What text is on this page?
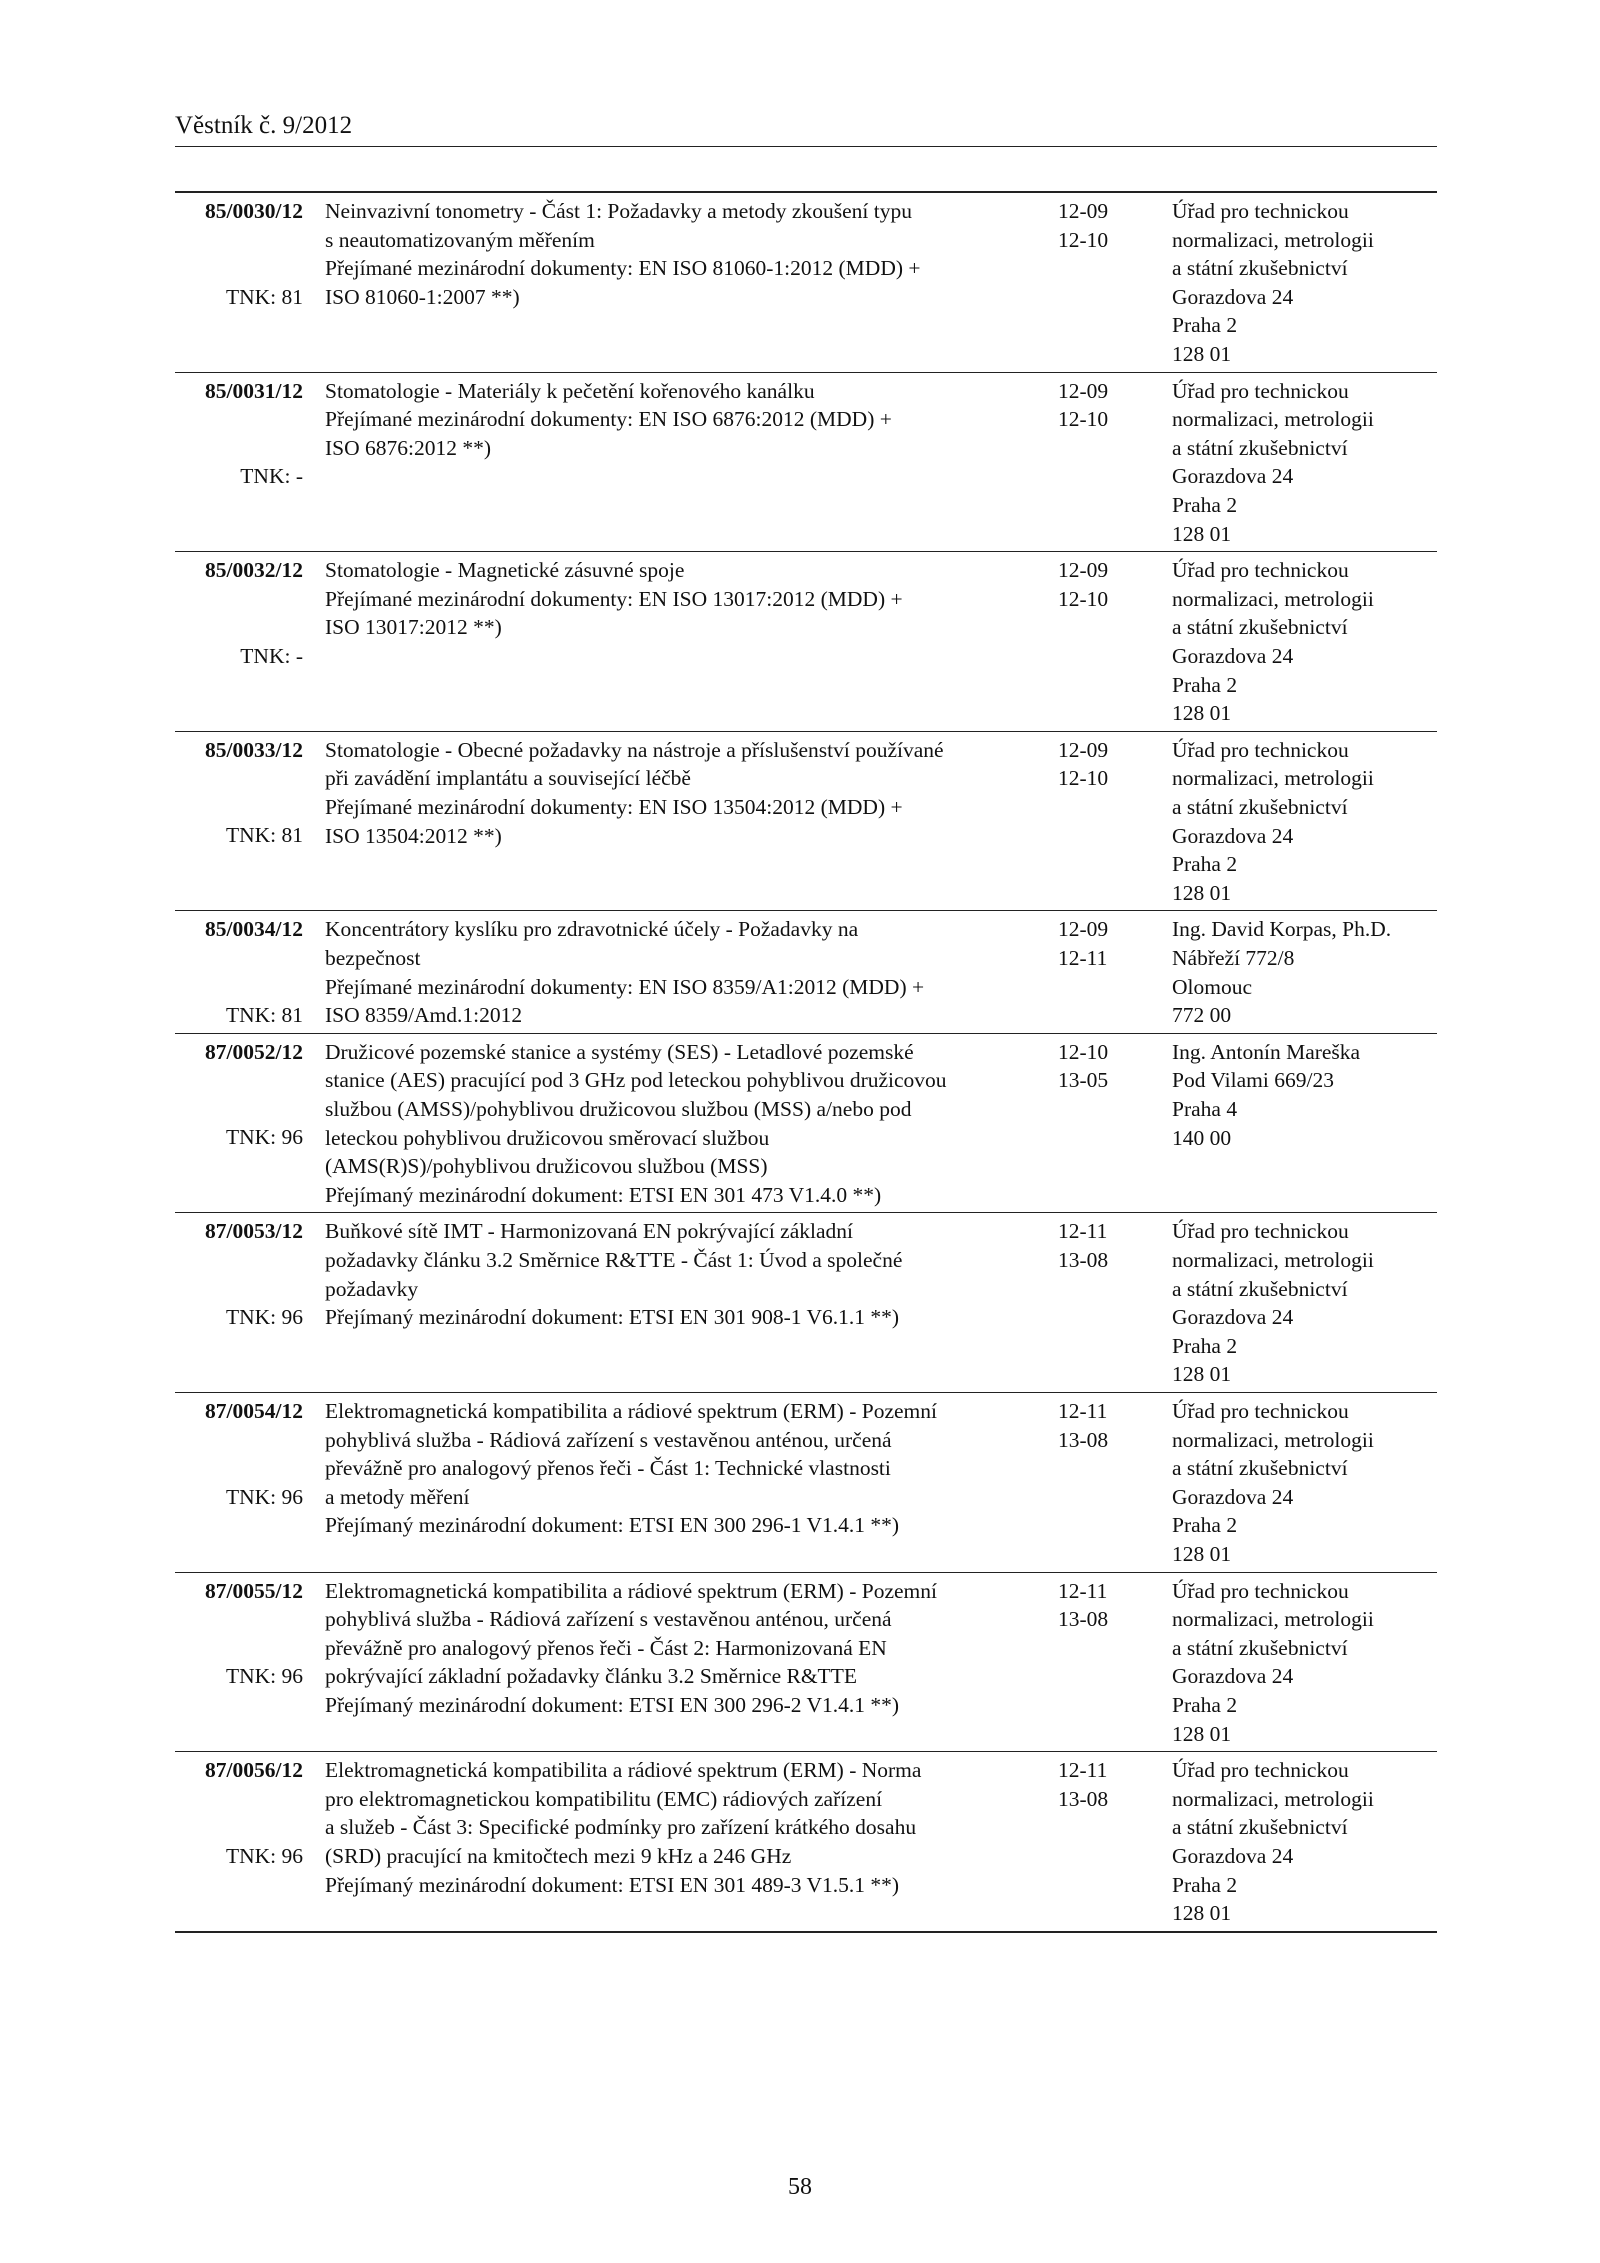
Věstník č. 9/2012
85/0030/12
TNK: 81
Neinvazivní tonometry - Část 1: Požadavky a metody zkoušení typu
s neautomatizovaným měřením
Přejímané mezinárodní dokumenty: EN ISO 81060-1:2012 (MDD) +
ISO 81060-1:2007 **)
12-09
12-10
Úřad pro technickou
normalizaci, metrologii
a státní zkušebnictví
Gorazdova 24
Praha 2
128 01
85/0031/12
TNK: -
Stomatologie - Materiály k pečetění kořenového kanálku
Přejímané mezinárodní dokumenty: EN ISO 6876:2012 (MDD) +
ISO 6876:2012 **)
12-09
12-10
Úřad pro technickou
normalizaci, metrologii
a státní zkušebnictví
Gorazdova 24
Praha 2
128 01
85/0032/12
TNK: -
Stomatologie - Magnetické zásuvné spoje
Přejímané mezinárodní dokumenty: EN ISO 13017:2012 (MDD) +
ISO 13017:2012 **)
12-09
12-10
Úřad pro technickou
normalizaci, metrologii
a státní zkušebnictví
Gorazdova 24
Praha 2
128 01
85/0033/12
TNK: 81
Stomatologie - Obecné požadavky na nástroje a příslušenství používané
při zavádění implantátu a související léčbě
Přejímané mezinárodní dokumenty: EN ISO 13504:2012 (MDD) +
ISO 13504:2012 **)
12-09
12-10
Úřad pro technickou
normalizaci, metrologii
a státní zkušebnictví
Gorazdova 24
Praha 2
128 01
85/0034/12
TNK: 81
Koncentrátory kyslíku pro zdravotnické účely - Požadavky na
bezpečnost
Přejímané mezinárodní dokumenty: EN ISO 8359/A1:2012 (MDD) +
ISO 8359/Amd.1:2012
12-09
12-11
Ing. David Korpas, Ph.D.
Nábřeží 772/8
Olomouc
772 00
87/0052/12
TNK: 96
Družicové pozemské stanice a systémy (SES) - Letadlové pozemské
stanice (AES) pracující pod 3 GHz pod leteckou pohyblivou družicovou
službou (AMSS)/pohyblivou družicovou službou (MSS) a/nebo pod
leteckou pohyblivou družicovou směrovací službou
(AMS(R)S)/pohyblivou družicovou službou (MSS)
Přejímaný mezinárodní dokument: ETSI EN 301 473 V1.4.0 **)
12-10
13-05
Ing. Antonín Mareška
Pod Vilami 669/23
Praha 4
140 00
87/0053/12
TNK: 96
Buňkové sítě IMT - Harmonizovaná EN pokrývající základní
požadavky článku 3.2 Směrnice R&TTE - Část 1: Úvod a společné
požadavky
Přejímaný mezinárodní dokument: ETSI EN 301 908-1 V6.1.1 **)
12-11
13-08
Úřad pro technickou
normalizaci, metrologii
a státní zkušebnictví
Gorazdova 24
Praha 2
128 01
87/0054/12
TNK: 96
Elektromagnetická kompatibilita a rádiové spektrum (ERM) - Pozemní
pohyblivá služba - Rádiová zařízení s vestavěnou anténou, určená
převážně pro analogový přenos řeči - Část 1: Technické vlastnosti
a metody měření
Přejímaný mezinárodní dokument: ETSI EN 300 296-1 V1.4.1 **)
12-11
13-08
Úřad pro technickou
normalizaci, metrologii
a státní zkušebnictví
Gorazdova 24
Praha 2
128 01
87/0055/12
TNK: 96
Elektromagnetická kompatibilita a rádiové spektrum (ERM) - Pozemní
pohyblivá služba - Rádiová zařízení s vestavěnou anténou, určená
převážně pro analogový přenos řeči - Část 2: Harmonizovaná EN
pokrývající základní požadavky článku 3.2 Směrnice R&TTE
Přejímaný mezinárodní dokument: ETSI EN 300 296-2 V1.4.1 **)
12-11
13-08
Úřad pro technickou
normalizaci, metrologii
a státní zkušebnictví
Gorazdova 24
Praha 2
128 01
87/0056/12
TNK: 96
Elektromagnetická kompatibilita a rádiové spektrum (ERM) - Norma
pro elektromagnetickou kompatibilitu (EMC) rádiových zařízení
a služeb - Část 3: Specifické podmínky pro zařízení krátkého dosahu
(SRD) pracující na kmitočtech mezi 9 kHz a 246 GHz
Přejímaný mezinárodní dokument: ETSI EN 301 489-3 V1.5.1 **)
12-11
13-08
Úřad pro technickou
normalizaci, metrologii
a státní zkušebnictví
Gorazdova 24
Praha 2
128 01
58
